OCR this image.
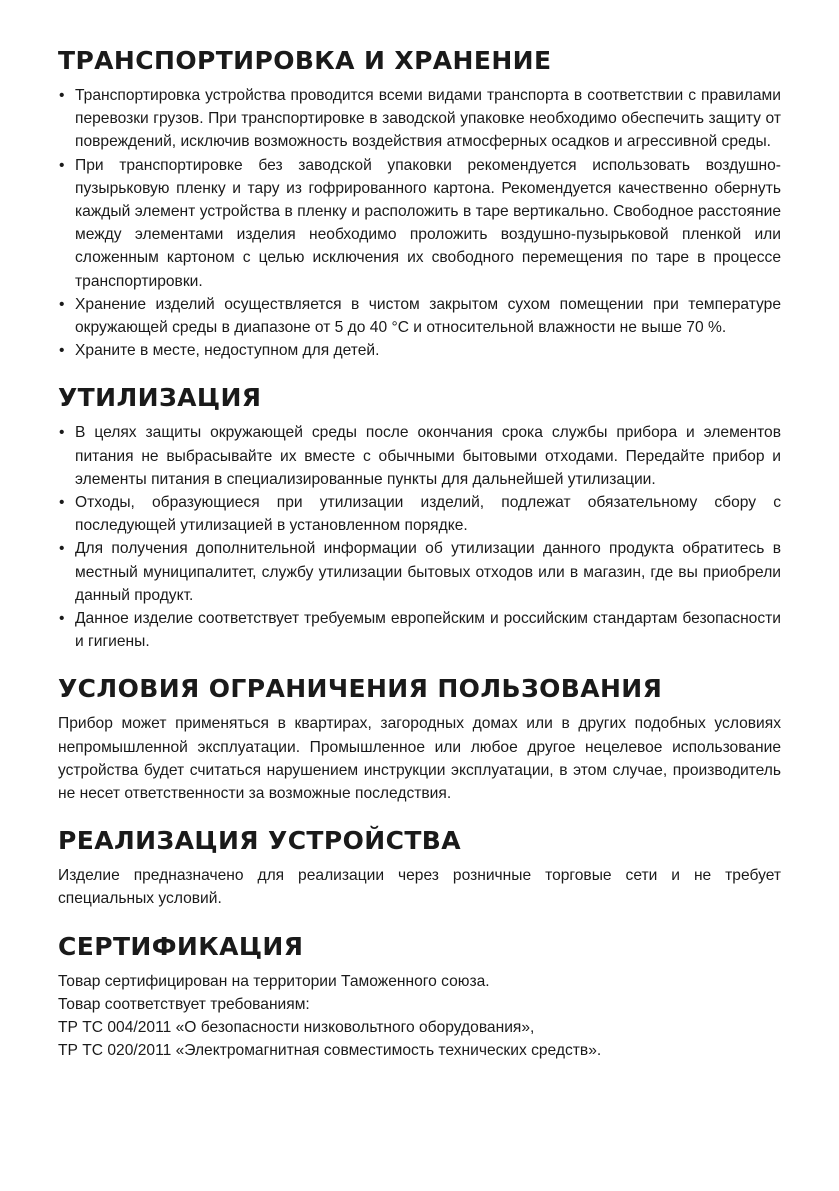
ТРАНСПОРТИРОВКА И ХРАНЕНИЕ
• Транспортировка устройства проводится всеми видами транспорта в соответствии с правилами перевозки грузов. При транспортировке в заводской упаковке необходимо обеспечить защиту от повреждений, исключив возможность воздействия атмосферных осадков и агрессивной среды.
• При транспортировке без заводской упаковки рекомендуется использовать воздушно-пузырьковую пленку и тару из гофрированного картона. Рекомендуется качественно обернуть каждый элемент устройства в пленку и расположить в таре вертикально. Свободное расстояние между элементами изделия необходимо проложить воздушно-пузырьковой пленкой или сложенным картоном с целью исключения их свободного перемещения по таре в процессе транспортировки.
• Хранение изделий осуществляется в чистом закрытом сухом помещении при температуре окружающей среды в диапазоне от 5 до 40 °С и относительной влажности не выше 70 %.
• Храните в месте, недоступном для детей.
УТИЛИЗАЦИЯ
• В целях защиты окружающей среды после окончания срока службы прибора и элементов питания не выбрасывайте их вместе с обычными бытовыми отходами. Передайте прибор и элементы питания в специализированные пункты для дальнейшей утилизации.
• Отходы, образующиеся при утилизации изделий, подлежат обязательному сбору с последующей утилизацией в установленном порядке.
• Для получения дополнительной информации об утилизации данного продукта обратитесь в местный муниципалитет, службу утилизации бытовых отходов или в магазин, где вы приобрели данный продукт.
• Данное изделие соответствует требуемым европейским и российским стандартам безопасности и гигиены.
УСЛОВИЯ ОГРАНИЧЕНИЯ ПОЛЬЗОВАНИЯ

Прибор может применяться в квартирах, загородных домах или в других подобных условиях непромышленной эксплуатации. Промышленное или любое другое нецелевое использование устройства будет считаться нарушением инструкции эксплуатации, в этом случае, производитель не несет ответственности за возможные последствия.

РЕАЛИЗАЦИЯ УСТРОЙСТВА

Изделие предназначено для реализации через розничные торговые сети и не требует специальных условий.

СЕРТИФИКАЦИЯ

Товар сертифицирован на территории Таможенного союза.

Товар соответствует требованиям:

ТР ТС 004/2011 «О безопасности низковольтного оборудования»,

ТР ТС 020/2011 «Электромагнитная совместимость технических средств».
